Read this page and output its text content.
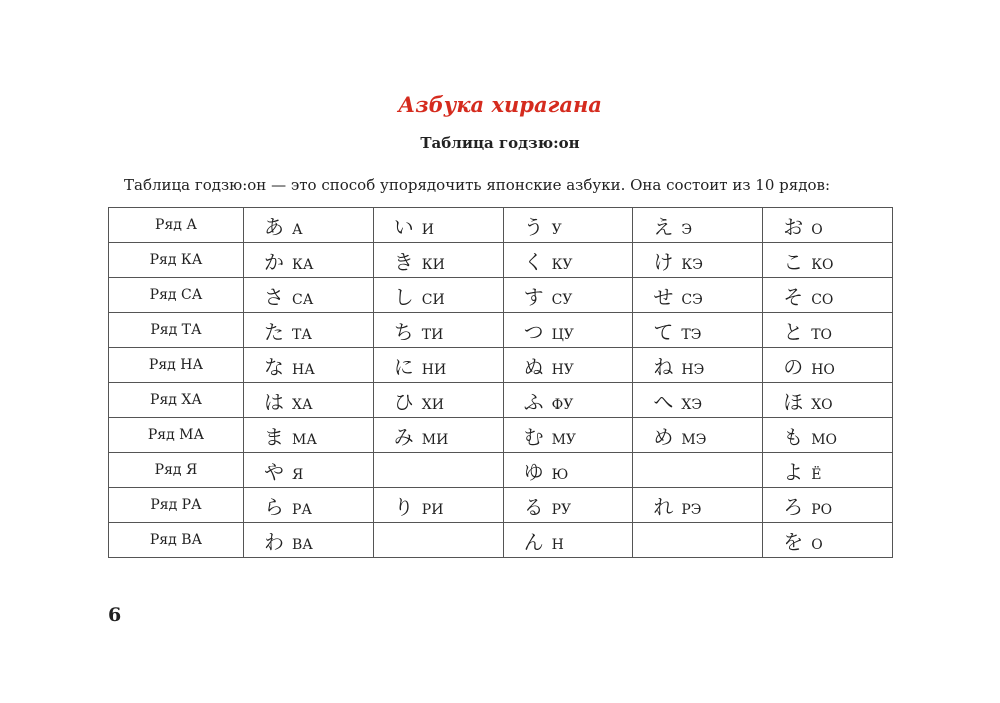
Азбука хирагана
Таблица годзю:он

Таблица годзю:он — это способ упорядочить японские азбуки. Она состоит из 10 рядов:

Ряд А	あ А	い И	う У	え Э	お О
Ряд КА	か КА	き КИ	く КУ	け КЭ	こ КО
Ряд СА	さ СА	し СИ	す СУ	せ СЭ	そ СО
Ряд ТА	た ТА	ち ТИ	つ ЦУ	て ТЭ	と ТО
Ряд НА	な НА	に НИ	ぬ НУ	ね НЭ	の НО
Ряд ХА	は ХА	ひ ХИ	ふ ФУ	へ ХЭ	ほ ХО
Ряд МА	ま МА	み МИ	む МУ	め МЭ	も МО
Ряд Я	や Я		ゆ Ю		よ Ё
Ряд РА	ら РА	り РИ	る РУ	れ РЭ	ろ РО
Ряд ВА	わ ВА		ん Н		を О
6
